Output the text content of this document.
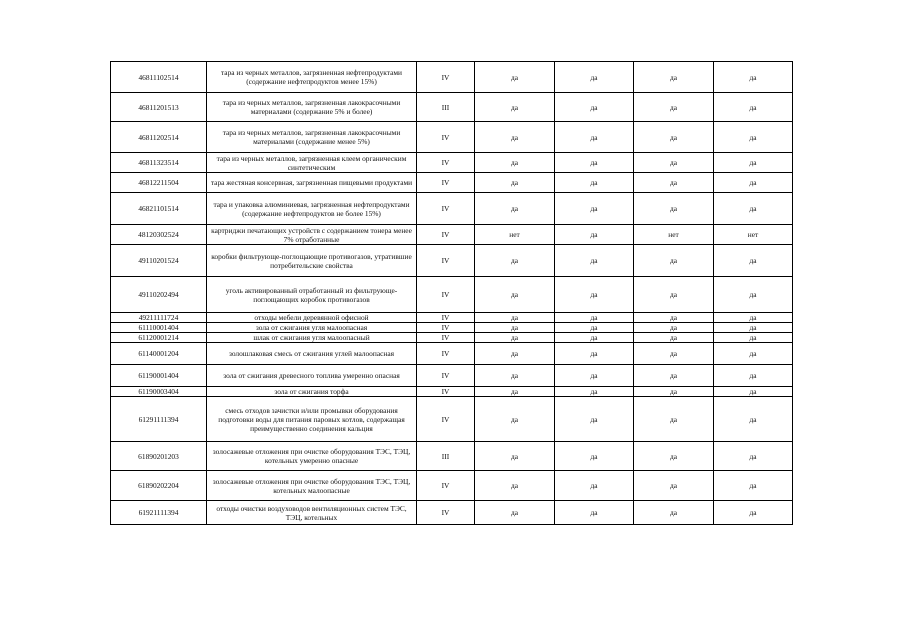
46811102514	тара из черных металлов, загрязненная нефтепродуктами (содержание нефтепродуктов менее 15%)	IV	да	да	да	да
46811201513	тара из черных металлов, загрязненная лакокрасочными материалами (содержание 5% и более)	III	да	да	да	да
46811202514	тара из черных металлов, загрязненная лакокрасочными материалами (содержание менее 5%)	IV	да	да	да	да
46811323514	тара из черных металлов, загрязненная клеем органическим синтетическим	IV	да	да	да	да
46812211504	тара жестяная консервная, загрязненная пищевыми продуктами	IV	да	да	да	да
46821101514	тара и упаковка алюминиевая, загрязненная нефтепродуктами (содержание нефтепродуктов не более 15%)	IV	да	да	да	да
48120302524	картриджи печатающих устройств с содержанием тонера менее 7% отработанные	IV	нет	да	нет	нет
49110201524	коробки фильтрующе-поглощающие противогазов, утратившие потребительские свойства	IV	да	да	да	да
49110202494	уголь активированный отработанный из фильтрующе-поглощающих коробок противогазов	IV	да	да	да	да
49211111724	отходы мебели деревянной офисной	IV	да	да	да	да
61110001404	зола от сжигания угля малоопасная	IV	да	да	да	да
61120001214	шлак от сжигания угля малоопасный	IV	да	да	да	да
61140001204	золошлаковая смесь от сжигания углей малоопасная	IV	да	да	да	да
61190001404	зола от сжигания древесного топлива умеренно опасная	IV	да	да	да	да
61190003404	зола от сжигания торфа	IV	да	да	да	да
61291111394	смесь отходов зачистки и/или промывки оборудования подготовки воды для питания паровых котлов, содержащая преимущественно соединения кальция	IV	да	да	да	да
61890201203	золосажевые отложения при очистке оборудования ТЭС, ТЭЦ, котельных умеренно опасные	III	да	да	да	да
61890202204	золосажевые отложения при очистке оборудования ТЭС, ТЭЦ, котельных малоопасные	IV	да	да	да	да
61921111394	отходы очистки воздуховодов вентиляционных систем ТЭС, ТЭЦ, котельных	IV	да	да	да	да
